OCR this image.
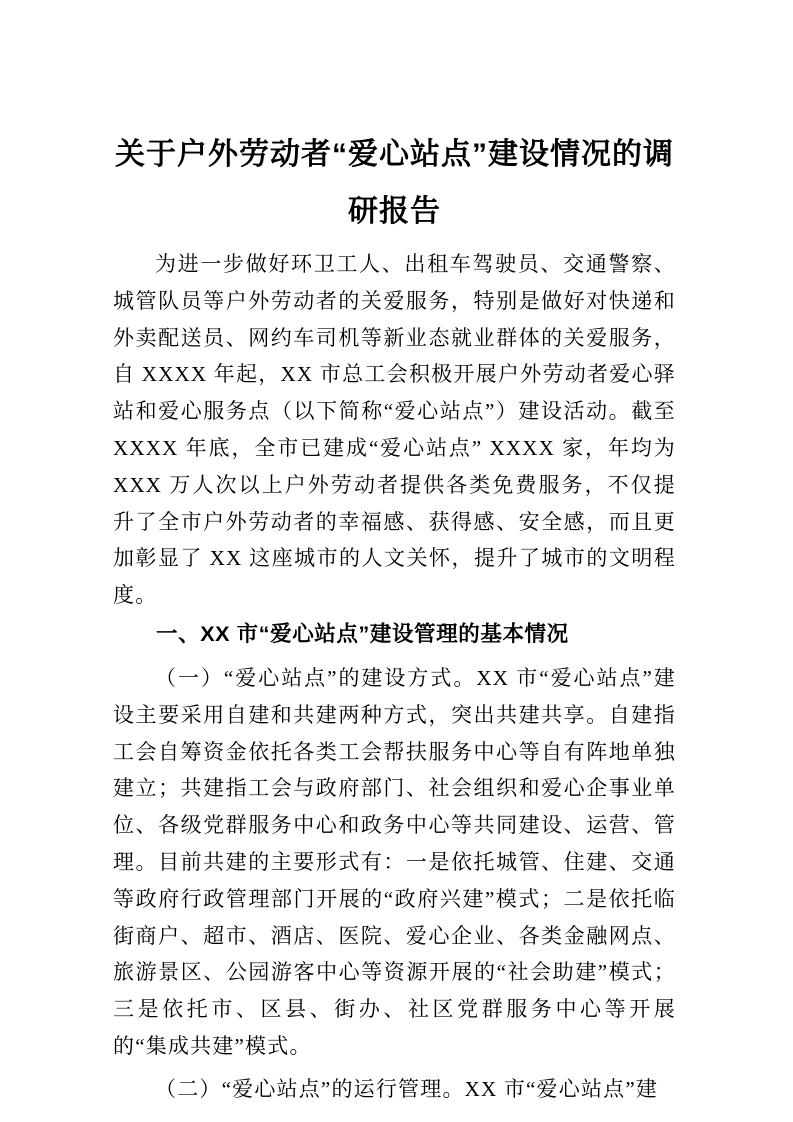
关于户外劳动者“爱心站点”建设情况的调
研报告

为进一步做好环卫工人、出租车驾驶员、交通警察、城管队员等户外劳动者的关爱服务，特别是做好对快递和外卖配送员、网约车司机等新业态就业群体的关爱服务，自 XXXX 年起，XX 市总工会积极开展户外劳动者爱心驿站和爱心服务点（以下简称“爱心站点”）建设活动。截至 XXXX 年底，全市已建成“爱心站点” XXXX 家，年均为 XXX 万人次以上户外劳动者提供各类免费服务，不仅提升了全市户外劳动者的幸福感、获得感、安全感，而且更加彰显了 XX 这座城市的人文关怀，提升了城市的文明程度。

一、XX 市“爱心站点”建设管理的基本情况

（一）“爱心站点”的建设方式。XX 市“爱心站点”建设主要采用自建和共建两种方式，突出共建共享。自建指工会自筹资金依托各类工会帮扶服务中心等自有阵地单独建立；共建指工会与政府部门、社会组织和爱心企事业单位、各级党群服务中心和政务中心等共同建设、运营、管理。目前共建的主要形式有：一是依托城管、住建、交通等政府行政管理部门开展的“政府兴建”模式；二是依托临街商户、超市、酒店、医院、爱心企业、各类金融网点、旅游景区、公园游客中心等资源开展的“社会助建”模式；三是依托市、区县、街办、社区党群服务中心等开展的“集成共建”模式。

（二）“爱心站点”的运行管理。XX 市“爱心站点”建
